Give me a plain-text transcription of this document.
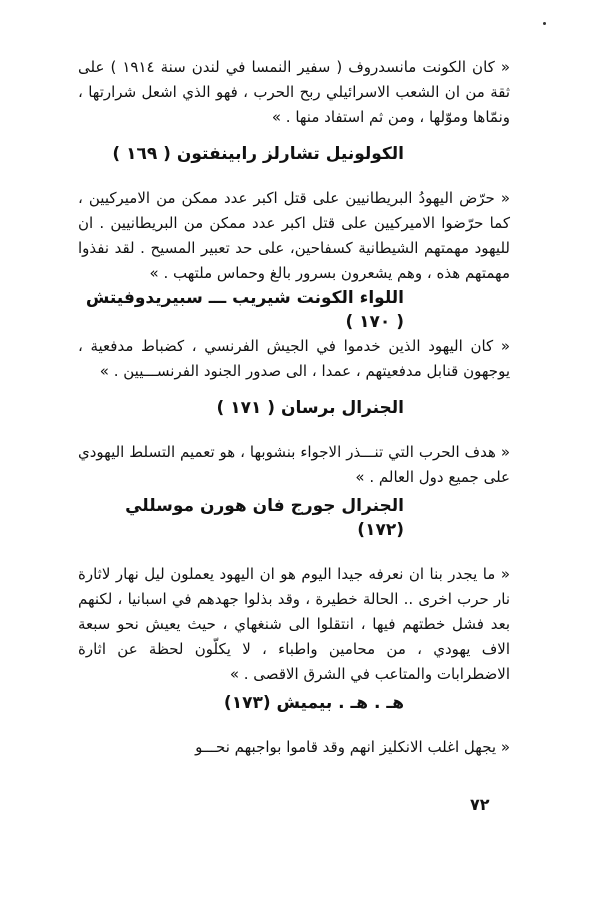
« كان الكونت مانسدروف ( سفير النمسا في لندن سنة ١٩١٤ ) على ثقة من ان الشعب الاسرائيلي ربح الحرب ، فهو الذي اشعل شرارتها ، ونمّاها وموّلها ، ومن ثم استفاد منها . »

الكولونيل تشارلز رابينفتون ( ١٦٩ )

« حرّض اليهودُ البريطانيين على قتل اكبر عدد ممكن من الاميركيين ، كما حرّضوا الاميركيين على قتل اكبر عدد ممكن من البريطانيين . ان لليهود مهمتهم الشيطانية كسفاحين، على حد تعبير المسيح . لقد نفذوا مهمتهم هذه ، وهم يشعرون بسرور بالغ وحماس ملتهب . »

اللواء الكونت شيريب ـــ سبيريدوفيتش ( ١٧٠ )

« كان اليهود الذين خدموا في الجيش الفرنسي ، كضباط مدفعية ، يوجهون قنابل مدفعيتهم ، عمدا ، الى صدور الجنود الفرنســـيين . »

الجنرال برسان ( ١٧١ )

« هدف الحرب التي تنـــذر الاجواء بنشوبها ، هو تعميم التسلط اليهودي على جميع دول العالم . »

الجنرال جورج فان هورن موسللي (١٧٢)

« ما يجدر بنا ان نعرفه جيدا اليوم هو ان اليهود يعملون ليل نهار لاثارة نار حرب اخرى .. الحالة خطيرة ، وقد بذلوا جهدهم في اسبانيا ، لكنهم بعد فشل خطتهم فيها ، انتقلوا الى شنغهاي ، حيث يعيش نحو سبعة الاف يهودي ، من محامين واطباء ، لا يكلّون لحظة عن اثارة الاضطرابات والمتاعب في الشرق الاقصى . »

هـ . هـ . بيميش (١٧٣)

« يجهل اغلب الانكليز انهم وقد قاموا بواجبهم نحـــو

٧٢
